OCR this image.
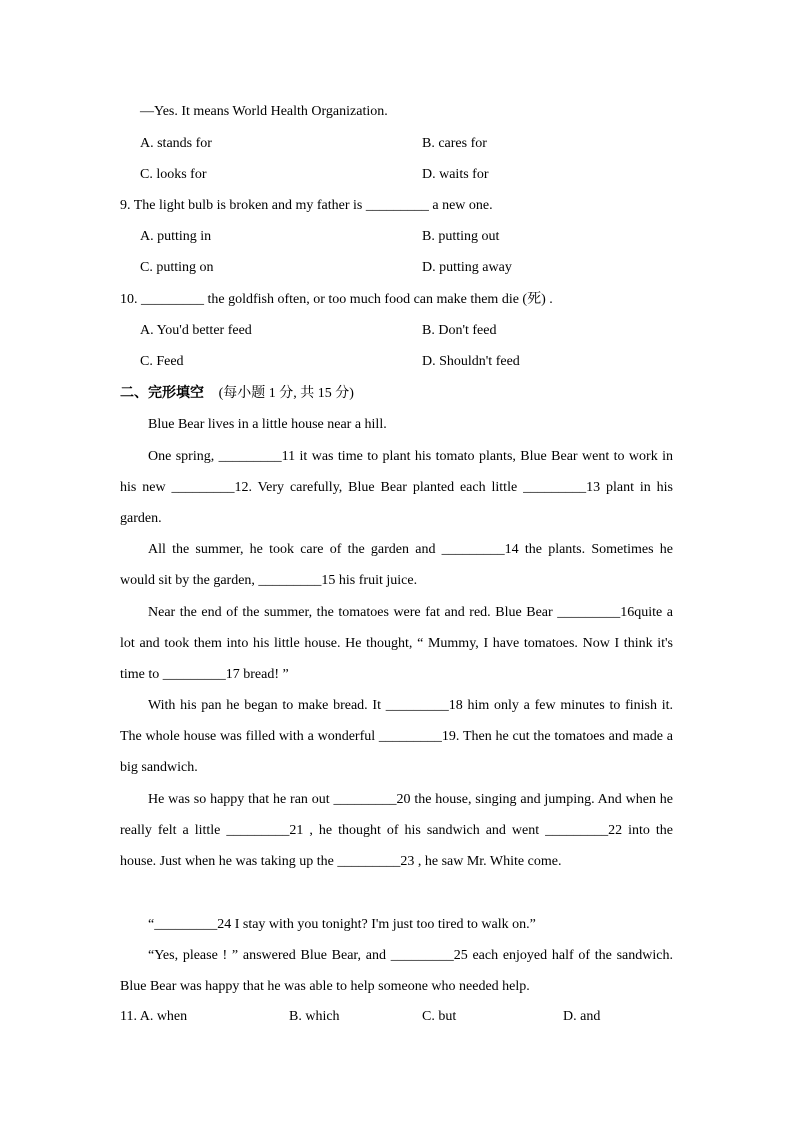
—Yes. It means World Health Organization.
A. stands for	B. cares for
C. looks for	D. waits for
9. The light bulb is broken and my father is _________ a new one.
A. putting in	B. putting out
C. putting on	D. putting away
10. _________ the goldfish often, or too much food can make them die (死) .
A. You'd better feed	B. Don't feed
C. Feed	D. Shouldn't feed
二、完形填空 (每小题 1 分, 共 15 分)
Blue Bear lives in a little house near a hill.
One spring, _________11 it was time to plant his tomato plants, Blue Bear went to work in his new _________12. Very carefully, Blue Bear planted each little _________13 plant in his garden.
All the summer, he took care of the garden and _________14 the plants. Sometimes he would sit by the garden, _________15 his fruit juice.
Near the end of the summer, the tomatoes were fat and red. Blue Bear _________16quite a lot and took them into his little house. He thought, “ Mummy, I have tomatoes. Now I think it's time to _________17 bread! ”
With his pan he began to make bread. It _________18 him only a few minutes to finish it. The whole house was filled with a wonderful _________19. Then he cut the tomatoes and made a big sandwich.
He was so happy that he ran out _________20 the house, singing and jumping. And when he really felt a little _________21 , he thought of his sandwich and went _________22 into the house. Just when he was taking up the _________23 , he saw Mr. White come.
“_________24 I stay with you tonight? I'm just too tired to walk on.”
“Yes, please ! ” answered Blue Bear, and _________25 each enjoyed half of the sandwich. Blue Bear was happy that he was able to help someone who needed help.
11. A. when	B. which	C. but	D. and
